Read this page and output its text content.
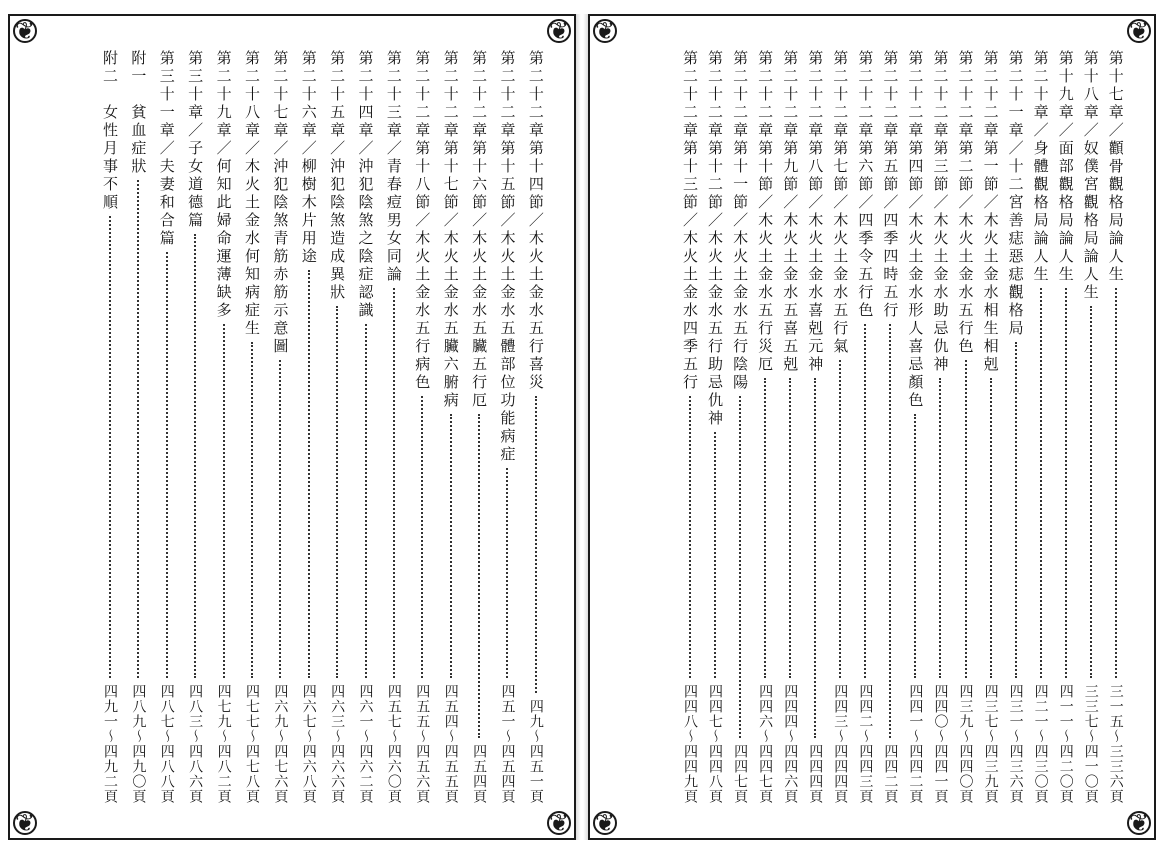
❦	❦
❦	❦
第二十二章第十四節／木火土金水五行喜災
四九～四五一頁
第二十二章第十五節／木火土金水五體部位功能病症
四五一～四五四頁
第二十二章第十六節／木火土金水五臟五行厄
四五四頁
第二十二章第十七節／木火土金水五臟六腑病
四五四～四五五頁
第二十二章第十八節／木火土金水五行病色
四五五～四五六頁
第二十三章／青春痘男女同論
四五七～四六〇頁
第二十四章／沖犯陰煞之陰症認識
四六一～四六二頁
第二十五章／沖犯陰煞造成異狀
四六三～四六六頁
第二十六章／柳樹木片用途
四六七～四六八頁
第二十七章／沖犯陰煞青筋赤筋示意圖
四六九～四七六頁
第二十八章／木火土金水何知病症生
四七七～四七八頁
第二十九章／何知此婦命運薄缺多
四七九～四八二頁
第三十章／子女道德篇
四八三～四八六頁
第三十一章／夫妻和合篇
四八七～四八八頁
附一　貧血症狀
四八九～四九〇頁
附二　女性月事不順
四九一～四九二頁
❦	❦
❦	❦
第十七章／顴骨觀格局論人生
三一五～三三六頁
第十八章／奴僕宮觀格局論人生
三三七～四一〇頁
第十九章／面部觀格局論人生
四一一～四二〇頁
第二十章／身體觀格局論人生
四二一～四三〇頁
第二十一章／十二宮善痣惡痣觀格局
四三一～四三六頁
第二十二章第一節／木火土金水相生相剋
四三七～四三九頁
第二十二章第二節／木火土金水五行色
四三九～四四〇頁
第二十二章第三節／木火土金水助忌仇神
四四〇～四四一頁
第二十二章第四節／木火土金水形人喜忌顏色
四四一～四四二頁
第二十二章第五節／四季四時五行
四四二頁
第二十二章第六節／四季令五行色
四四二～四四三頁
第二十二章第七節／木火土金水五行氣
四四三～四四四頁
第二十二章第八節／木火土金水喜剋元神
四四四頁
第二十二章第九節／木火土金水五喜五剋
四四四～四四六頁
第二十二章第十節／木火土金水五行災厄
四四六～四四七頁
第二十二章第十一節／木火土金水五行陰陽
四四七頁
第二十二章第十二節／木火土金水五行助忌仇神
四四七～四四八頁
第二十二章第十三節／木火土金水四季五行
四四八～四四九頁
